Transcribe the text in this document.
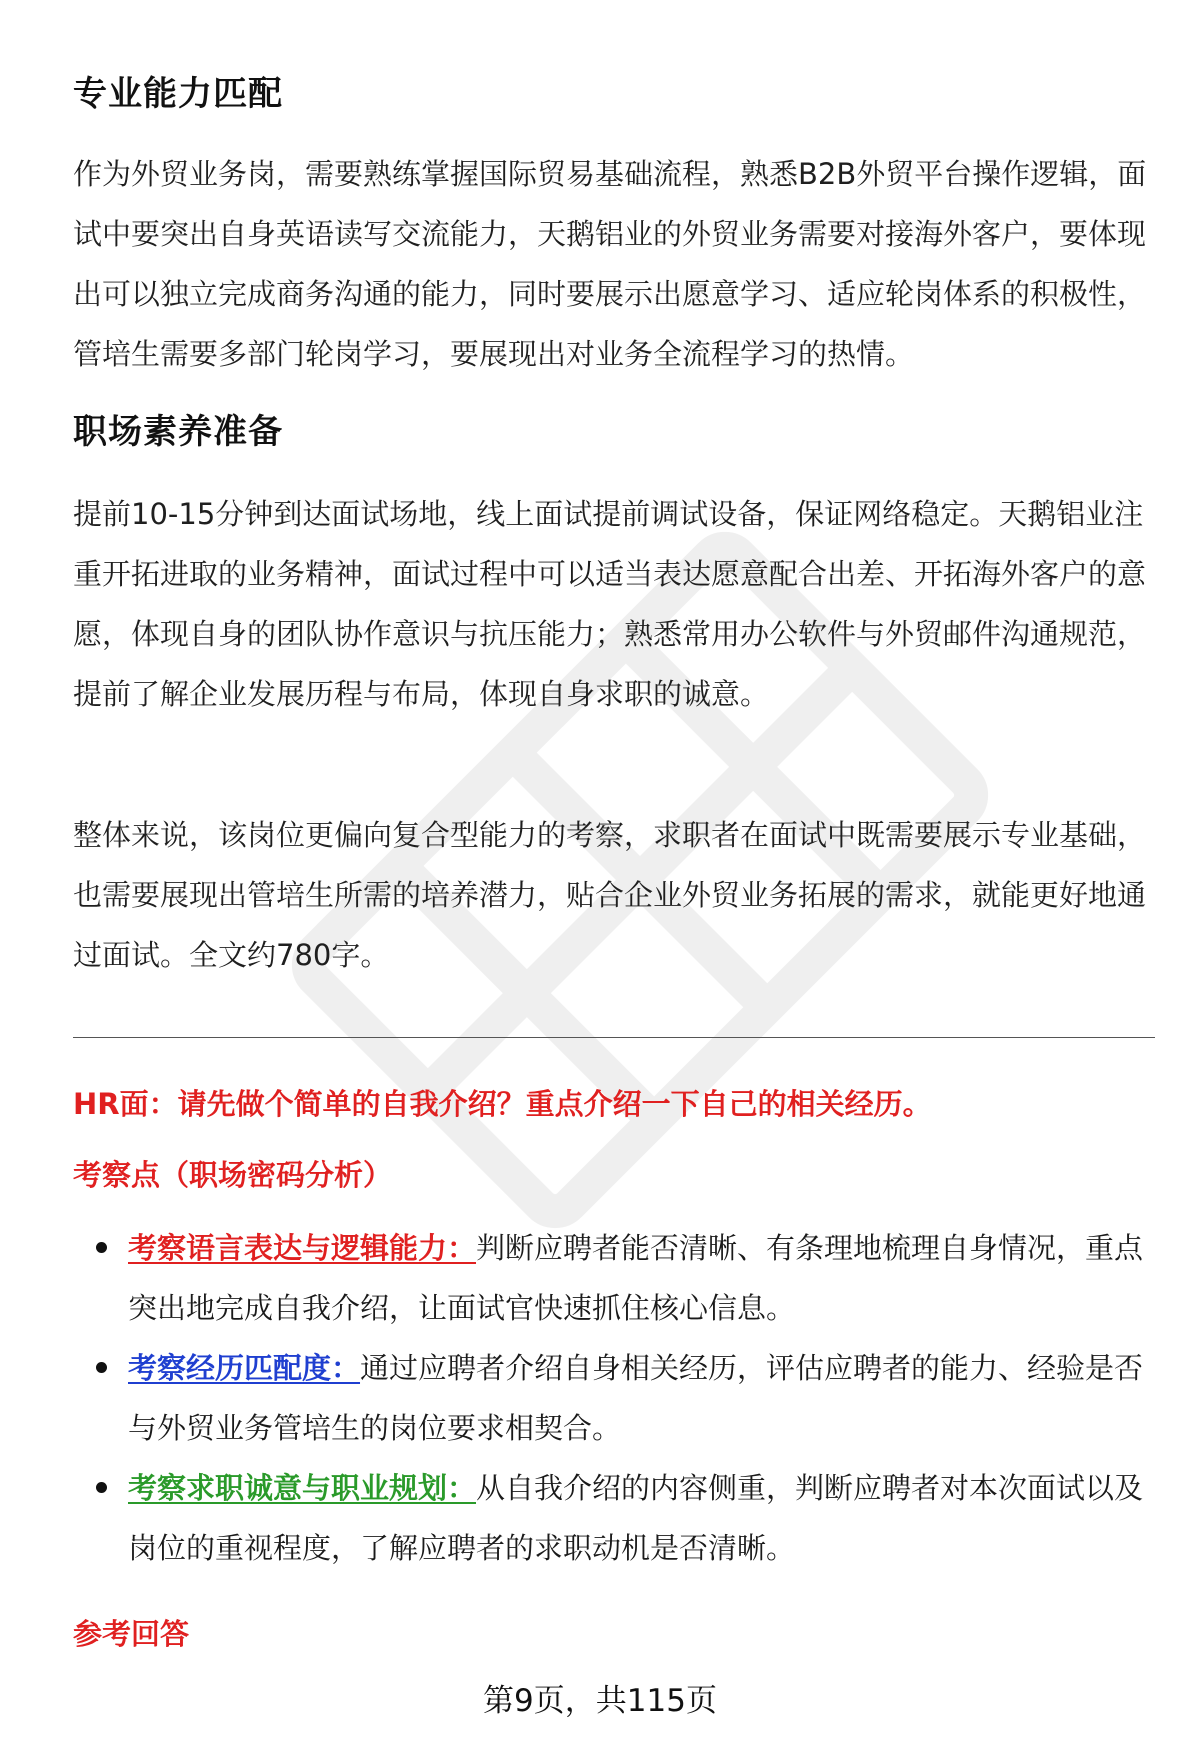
专业能力匹配
作为外贸业务岗，需要熟练掌握国际贸易基础流程，熟悉B2B外贸平台操作逻辑，面试中要突出自身英语读写交流能力，天鹅铝业的外贸业务需要对接海外客户，要体现出可以独立完成商务沟通的能力，同时要展示出愿意学习、适应轮岗体系的积极性，管培生需要多部门轮岗学习，要展现出对业务全流程学习的热情。
职场素养准备
提前10-15分钟到达面试场地，线上面试提前调试设备，保证网络稳定。天鹅铝业注重开拓进取的业务精神，面试过程中可以适当表达愿意配合出差、开拓海外客户的意愿，体现自身的团队协作意识与抗压能力；熟悉常用办公软件与外贸邮件沟通规范，提前了解企业发展历程与布局，体现自身求职的诚意。
整体来说，该岗位更偏向复合型能力的考察，求职者在面试中既需要展示专业基础，也需要展现出管培生所需的培养潜力，贴合企业外贸业务拓展的需求，就能更好地通过面试。全文约780字。
HR面：请先做个简单的自我介绍？重点介绍一下自己的相关经历。
考察点（职场密码分析）
考察语言表达与逻辑能力：判断应聘者能否清晰、有条理地梳理自身情况，重点突出地完成自我介绍，让面试官快速抓住核心信息。
考察经历匹配度：通过应聘者介绍自身相关经历，评估应聘者的能力、经验是否与外贸业务管培生的岗位要求相契合。
考察求职诚意与职业规划：从自我介绍的内容侧重，判断应聘者对本次面试以及岗位的重视程度，了解应聘者的求职动机是否清晰。
参考回答
第9页，共115页
